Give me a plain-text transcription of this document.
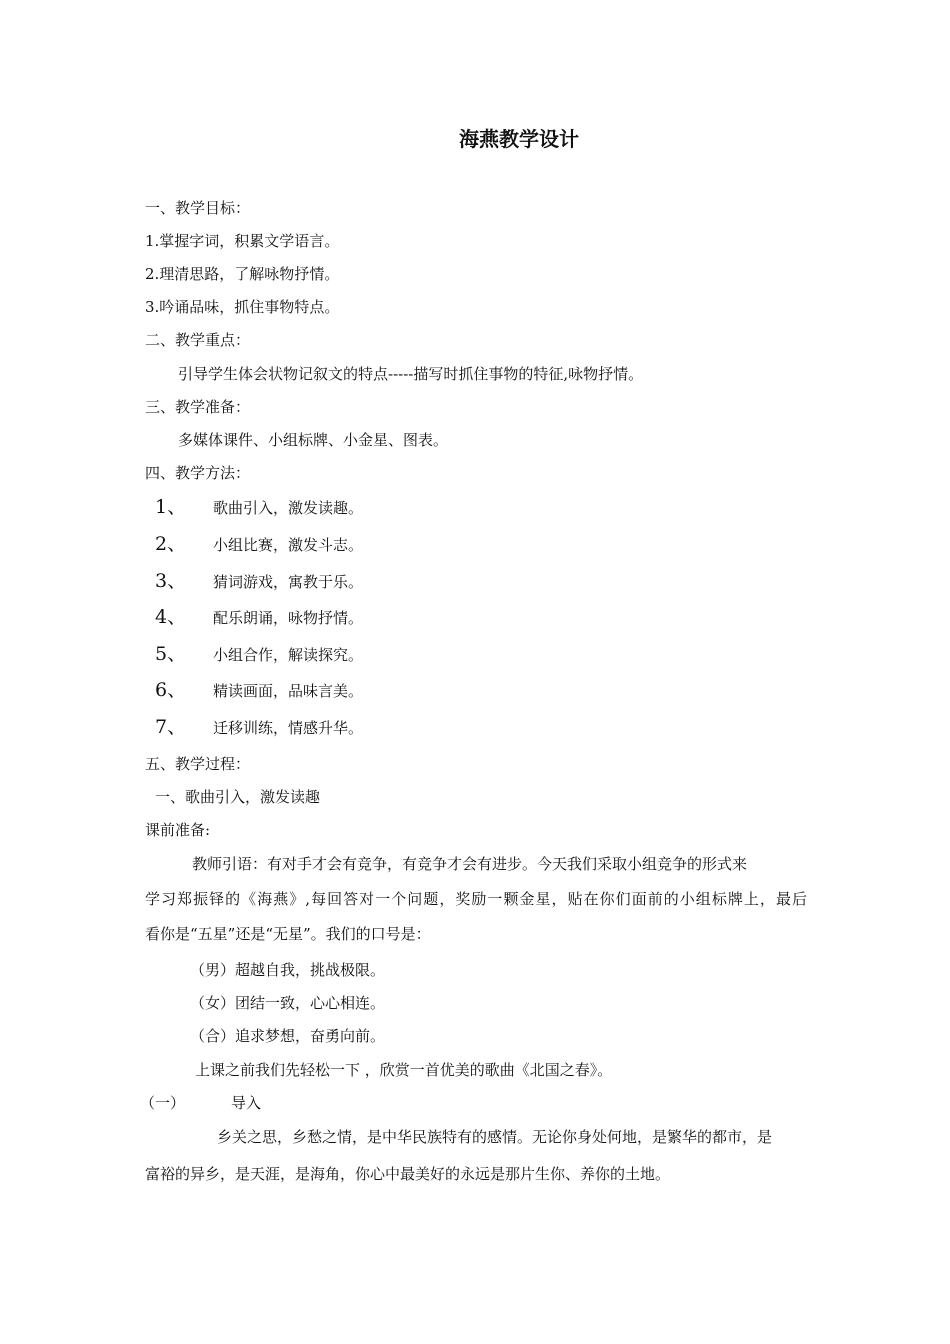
海燕教学设计
一、教学目标：
1.掌握字词，积累文学语言。
2.理清思路，了解咏物抒情。
3.吟诵品味，抓住事物特点。
二、教学重点：
引导学生体会状物记叙文的特点-----描写时抓住事物的特征,咏物抒情。
三、教学准备：
多媒体课件、小组标牌、小金星、图表。
四、教学方法：
1、 歌曲引入，激发读趣。
2、 小组比赛，激发斗志。
3、 猜词游戏，寓教于乐。
4、 配乐朗诵，咏物抒情。
5、 小组合作，解读探究。
6、 精读画面，品味言美。
7、 迁移训练，情感升华。
五、教学过程：
一、歌曲引入，激发读趣
课前准备:
教师引语：有对手才会有竞争，有竞争才会有进步。今天我们采取小组竞争的形式来
学习郑振铎的《海燕》,每回答对一个问题，奖励一颗金星，贴在你们面前的小组标牌上，最后
看你是“五星”还是“无星”。我们的口号是：
（男）超越自我，挑战极限。
（女）团结一致，心心相连。
（合）追求梦想，奋勇向前。
上课之前我们先轻松一下 ，欣赏一首优美的歌曲《北国之春》。
（一）	导入
乡关之思，乡愁之情，是中华民族特有的感情。无论你身处何地，是繁华的都市，是
富裕的异乡，是天涯，是海角，你心中最美好的永远是那片生你、养你的土地。
